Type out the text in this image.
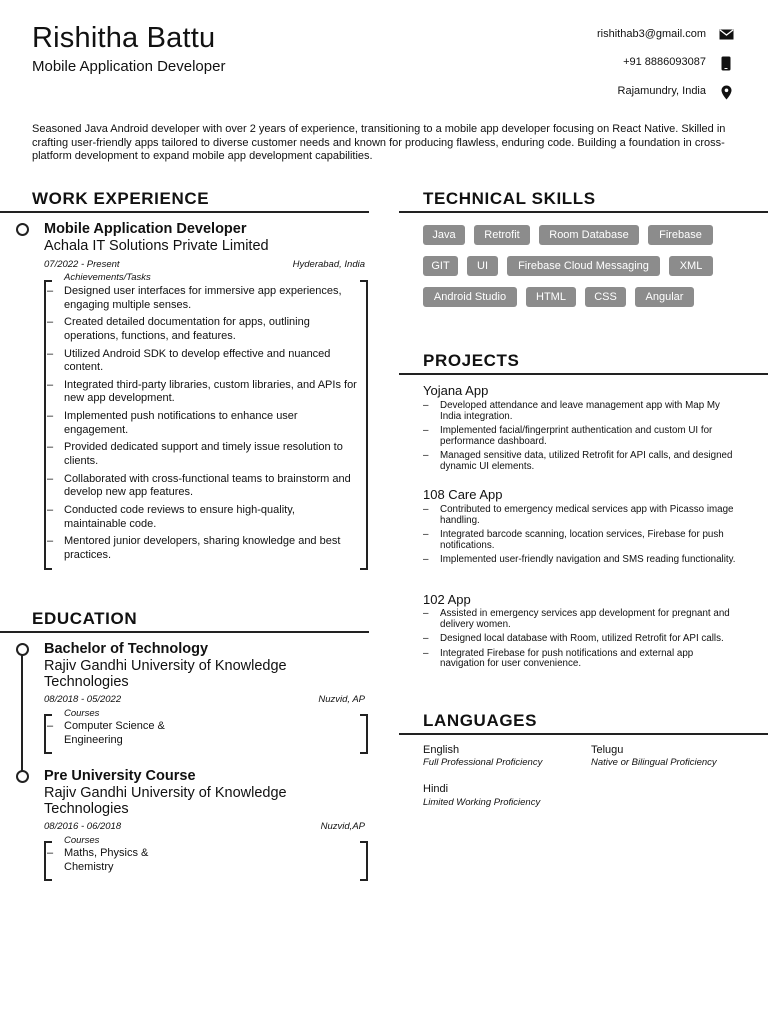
Rishitha Battu
Mobile Application Developer
rishithab3@gmail.com
+91 8886093087
Rajamundry, India
Seasoned Java Android developer with over 2 years of experience, transitioning to a mobile app developer focusing on React Native. Skilled in crafting user-friendly apps tailored to diverse customer needs and known for producing flawless, enduring code. Building a foundation in cross-platform development to expand mobile app development capabilities.
WORK EXPERIENCE
Mobile Application Developer
Achala IT Solutions Private Limited
07/2022 - Present	Hyderabad, India
Achievements/Tasks
– Designed user interfaces for immersive app experiences, engaging multiple senses.
– Created detailed documentation for apps, outlining operations, functions, and features.
– Utilized Android SDK to develop effective and nuanced content.
– Integrated third-party libraries, custom libraries, and APIs for new app development.
– Implemented push notifications to enhance user engagement.
– Provided dedicated support and timely issue resolution to clients.
– Collaborated with cross-functional teams to brainstorm and develop new app features.
– Conducted code reviews to ensure high-quality, maintainable code.
– Mentored junior developers, sharing knowledge and best practices.
EDUCATION
Bachelor of Technology
Rajiv Gandhi University of Knowledge Technologies
08/2018 - 05/2022	Nuzvid, AP
Courses
– Computer Science & Engineering
Pre University Course
Rajiv Gandhi University of Knowledge Technologies
08/2016 - 06/2018	Nuzvid,AP
Courses
– Maths, Physics & Chemistry
TECHNICAL SKILLS
Java	Retrofit	Room Database	Firebase
GIT	UI	Firebase Cloud Messaging	XML
Android Studio	HTML	CSS	Angular
PROJECTS
Yojana App
– Developed attendance and leave management app with Map My India integration.
– Implemented facial/fingerprint authentication and custom UI for performance dashboard.
– Managed sensitive data, utilized Retrofit for API calls, and designed dynamic UI elements.
108 Care App
– Contributed to emergency medical services app with Picasso image handling.
– Integrated barcode scanning, location services, Firebase for push notifications.
– Implemented user-friendly navigation and SMS reading functionality.
102 App
– Assisted in emergency services app development for pregnant and delivery women.
– Designed local database with Room, utilized Retrofit for API calls.
– Integrated Firebase for push notifications and external app navigation for user convenience.
LANGUAGES
English
Full Professional Proficiency
Telugu
Native or Bilingual Proficiency
Hindi
Limited Working Proficiency
